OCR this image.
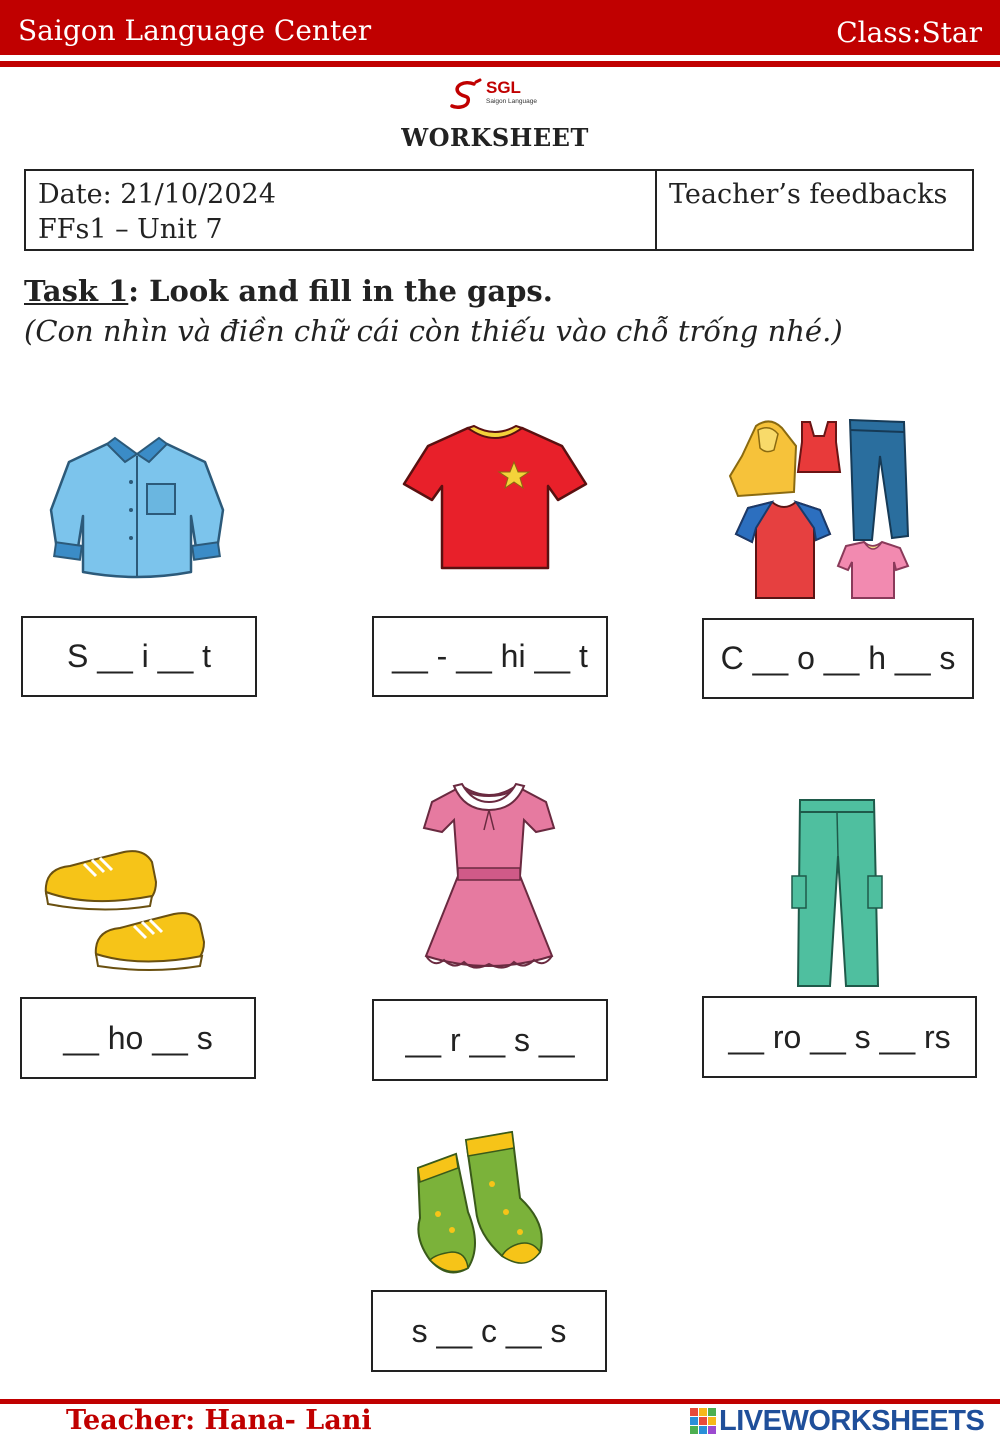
Saigon Language Center	Class:Star
SGL
Saigon Language
WORKSHEET
Date: 21/10/2024
FFs1 – Unit 7
Teacher’s feedbacks
Task 1: Look and fill in the gaps.
(Con nhìn và điền chữ cái còn thiếu vào chỗ trống nhé.)
S __ i __ t	__ - __ hi __ t	C __ o __ h __ s
__ ho __ s	__ r __ s __	__ ro __ s __ rs
s __ c __ s
Teacher: Hana- Lani	LIVEWORKSHEETS
